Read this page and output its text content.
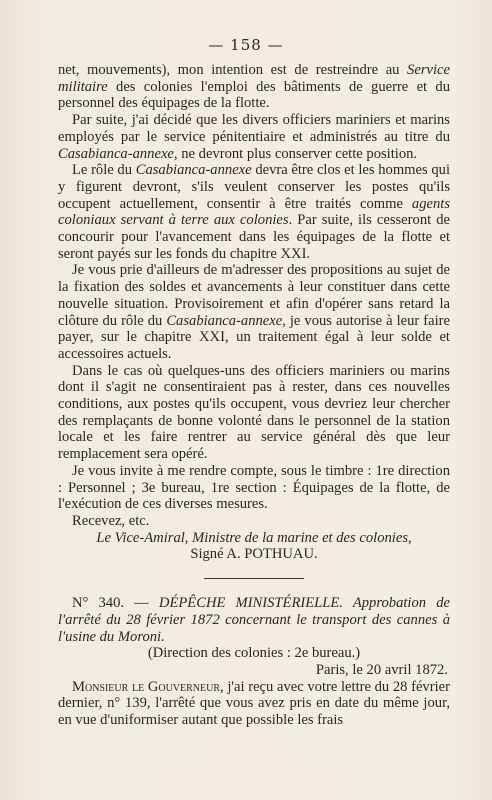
— 158 —

net, mouvements), mon intention est de restreindre au Service militaire des colonies l'emploi des bâtiments de guerre et du personnel des équipages de la flotte.

Par suite, j'ai décidé que les divers officiers mariniers et marins employés par le service pénitentiaire et administrés au titre du Casabianca-annexe, ne devront plus conserver cette position.

Le rôle du Casabianca-annexe devra être clos et les hommes qui y figurent devront, s'ils veulent conserver les postes qu'ils occupent actuellement, consentir à être traités comme agents coloniaux servant à terre aux colonies. Par suite, ils cesseront de concourir pour l'avancement dans les équipages de la flotte et seront payés sur les fonds du chapitre XXI.

Je vous prie d'ailleurs de m'adresser des propositions au sujet de la fixation des soldes et avancements à leur constituer dans cette nouvelle situation. Provisoirement et afin d'opérer sans retard la clôture du rôle du Casabianca-annexe, je vous autorise à leur faire payer, sur le chapitre XXI, un traitement égal à leur solde et accessoires actuels.

Dans le cas où quelques-uns des officiers mariniers ou marins dont il s'agit ne consentiraient pas à rester, dans ces nouvelles conditions, aux postes qu'ils occupent, vous devriez leur chercher des remplaçants de bonne volonté dans le personnel de la station locale et les faire rentrer au service général dès que leur remplacement sera opéré.

Je vous invite à me rendre compte, sous le timbre : 1re direction : Personnel ; 3e bureau, 1re section : Équipages de la flotte, de l'exécution de ces diverses mesures.

Recevez, etc.

Le Vice-Amiral, Ministre de la marine et des colonies,

Signé A. POTHUAU.

N° 340. — DÉPÊCHE MINISTÉRIELLE. Approbation de l'arrêté du 28 février 1872 concernant le transport des cannes à l'usine du Moroni.

(Direction des colonies : 2e bureau.)

Paris, le 20 avril 1872.

Monsieur le Gouverneur, j'ai reçu avec votre lettre du 28 février dernier, n° 139, l'arrêté que vous avez pris en date du même jour, en vue d'uniformiser autant que possible les frais
